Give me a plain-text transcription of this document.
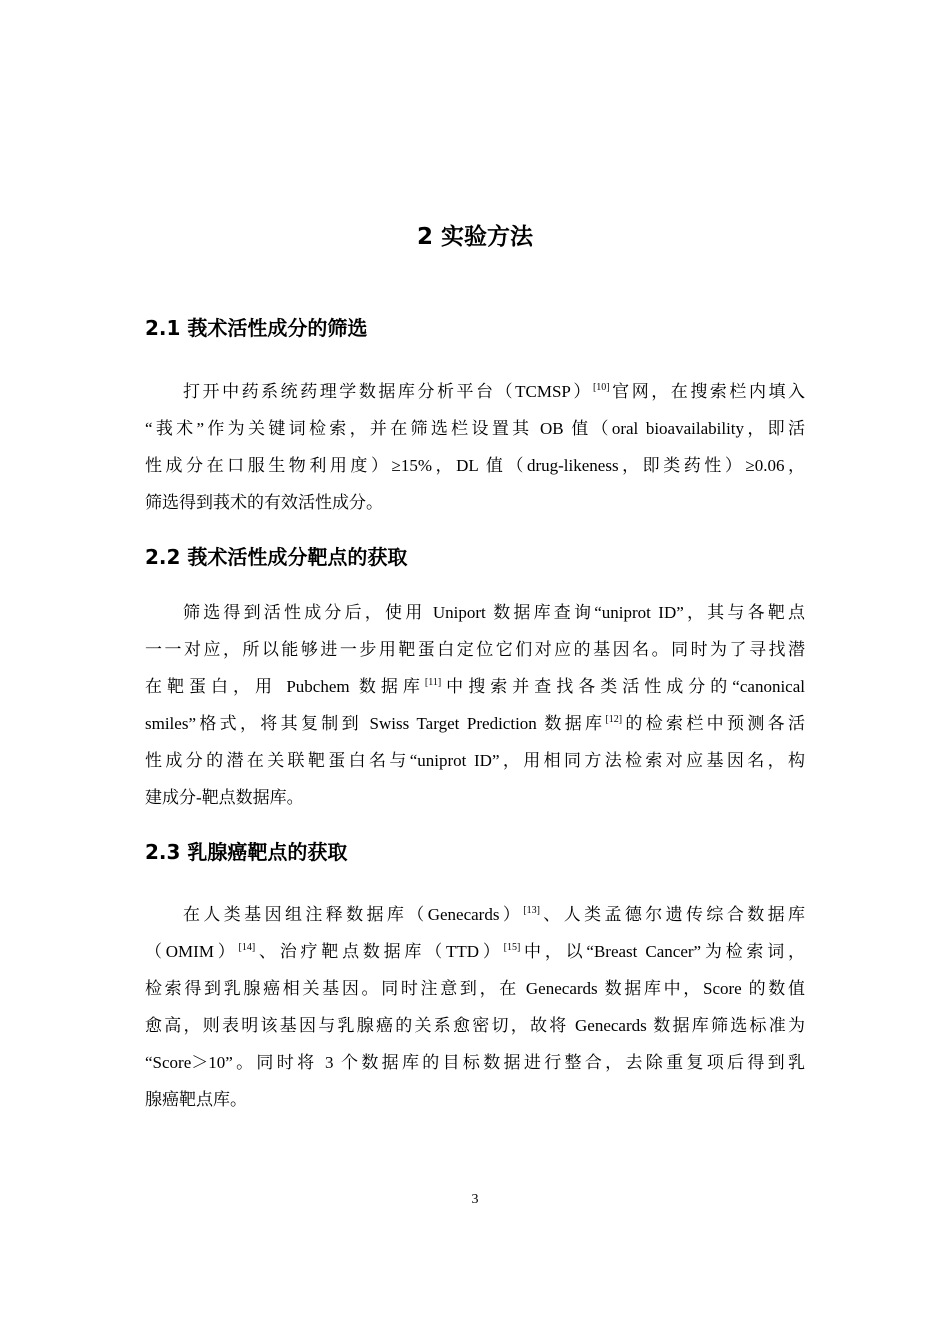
2 实验方法
2.1 莪术活性成分的筛选
打开中药系统药理学数据库分析平台（TCMSP）[10]官网，在搜索栏内填入
“莪术”作为关键词检索，并在筛选栏设置其 OB 值（oral bioavailability，即活
性成分在口服生物利用度）≥15%，DL 值（drug-likeness，即类药性）≥0.06，
筛选得到莪术的有效活性成分。
2.2 莪术活性成分靶点的获取
筛选得到活性成分后，使用 Uniport 数据库查询“uniprot ID”，其与各靶点
一一对应，所以能够进一步用靶蛋白定位它们对应的基因名。同时为了寻找潜
在靶蛋白，用 Pubchem 数据库[11]中搜索并查找各类活性成分的“canonical
smiles”格式，将其复制到 Swiss Target Prediction 数据库[12]的检索栏中预测各活
性成分的潜在关联靶蛋白名与“uniprot ID”，用相同方法检索对应基因名，构
建成分-靶点数据库。
2.3 乳腺癌靶点的获取
在人类基因组注释数据库（Genecards）[13]、人类孟德尔遗传综合数据库
（OMIM）[14]、治疗靶点数据库（TTD）[15]中，以“Breast Cancer”为检索词，
检索得到乳腺癌相关基因。同时注意到，在 Genecards 数据库中，Score 的数值
愈高，则表明该基因与乳腺癌的关系愈密切，故将 Genecards 数据库筛选标准为
“Score＞10”。同时将 3 个数据库的目标数据进行整合，去除重复项后得到乳
腺癌靶点库。
3
